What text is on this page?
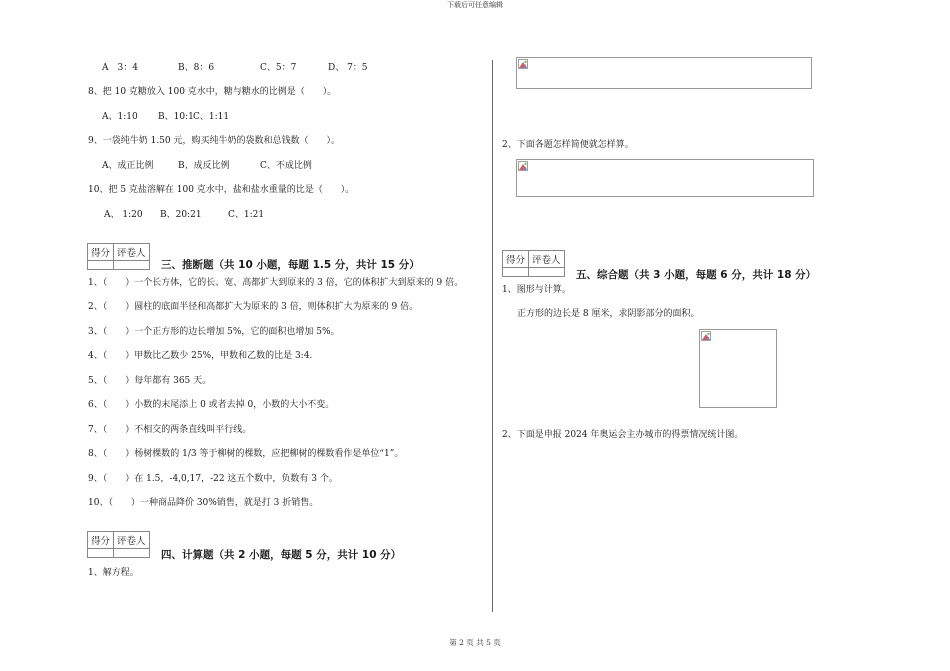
下载后可任意编辑
第 2 页 共 5 页
A　3：4	B、8：6	C、5：7	D、 7：5
8、把 10 克糖放入 100 克水中，糖与糖水的比例是（　　）。
A、1:10 B、10:1 C、1:11
9、一袋纯牛奶 1.50 元，购买纯牛奶的袋数和总钱数（　　）。
A、成正比例	B、成反比例	C、不成比例
10、把 5 克盐溶解在 100 克水中，盐和盐水重量的比是（　　）。
A、 1:20 B、20:21	C、1:21
得分	评卷人

三、推断题（共 10 小题，每题 1.5 分，共计 15 分）
1、（　　）一个长方体，它的长、宽、高都扩大到原来的 3 倍，它的体积扩大到原来的 9 倍。
2、（　　）圆柱的底面半径和高都扩大为原来的 3 倍，则体积扩大为原来的 9 倍。
3、（　　）一个正方形的边长增加 5%，它的面积也增加 5%。
4、（　　）甲数比乙数少 25%，甲数和乙数的比是 3:4.
5、（　　）每年都有 365 天。
6、（　　）小数的末尾添上 0 或者去掉 0，小数的大小不变。
7、（　　）不相交的两条直线叫平行线。
8、（　　）杨树棵数的 1/3 等于柳树的棵数，应把柳树的棵数看作是单位“1”。
9、（　　）在 1.5，-4,0,17，-22 这五个数中，负数有 3 个。
10、（　　）一种商品降价 30%销售，就是打 3 折销售。
得分	评卷人

四、计算题（共 2 小题，每题 5 分，共计 10 分）
1、解方程。
2、下面各题怎样简便就怎样算。
得分	评卷人

五、综合题（共 3 小题，每题 6 分，共计 18 分）
1、图形与计算。
正方形的边长是 8 厘米，求阴影部分的面积。
2、下面是申报 2024 年奥运会主办城市的得票情况统计图。
